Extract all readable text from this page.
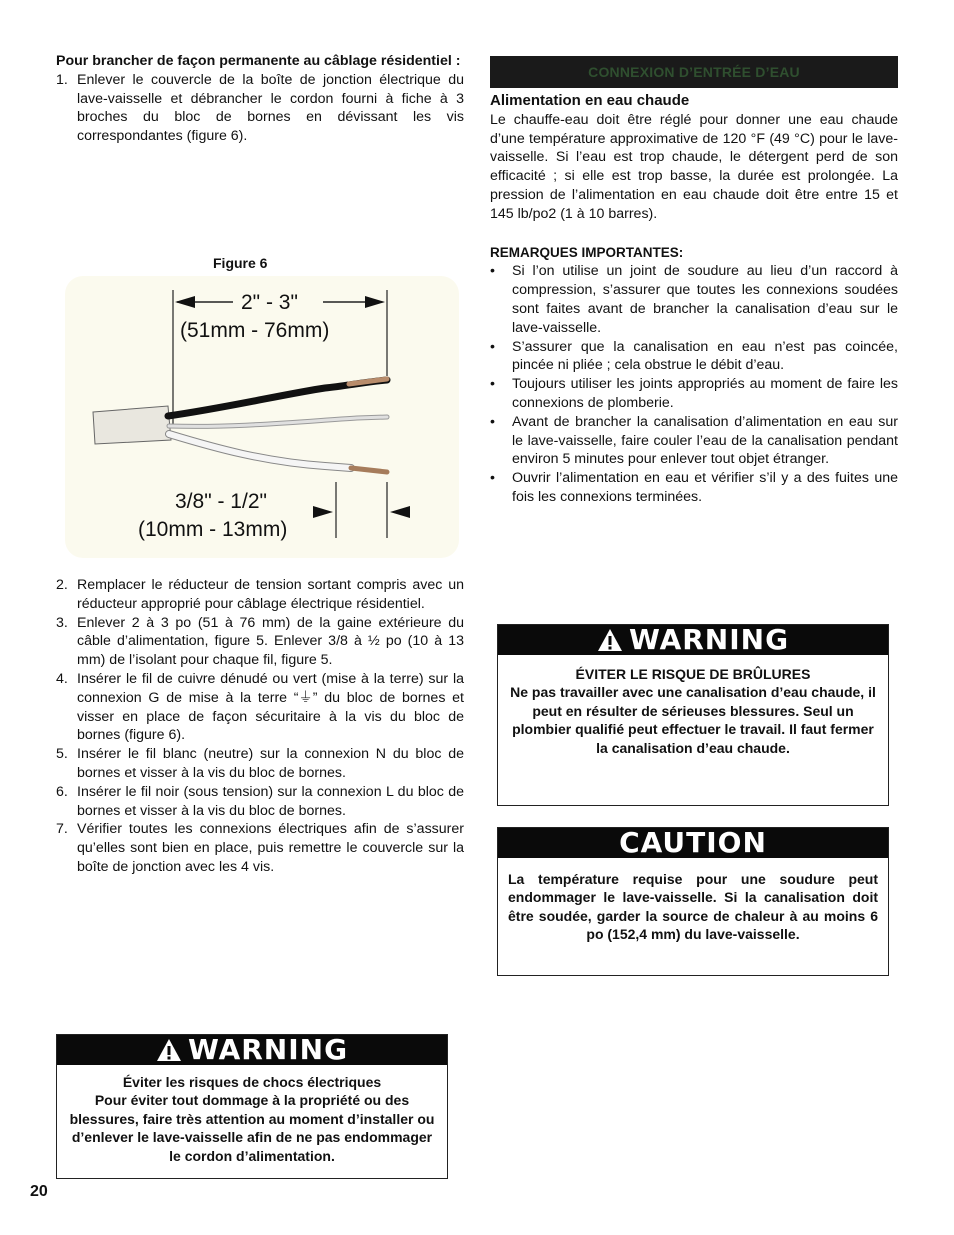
Pour brancher de façon permanente au câblage résidentiel :

1. Enlever le couvercle de la boîte de jonction électrique du lave-vaisselle et débrancher le cordon fourni à fiche à 3 broches du bloc de bornes en dévissant les vis correspondantes (figure 6).
Figure 6
2" - 3"
(51mm - 76mm)
3/8" - 1/2"
(10mm - 13mm)
2. Remplacer le réducteur de tension sortant compris avec un réducteur approprié pour câblage électrique résidentiel.
3. Enlever 2 à 3 po (51 à 76 mm) de la gaine extérieure du câble d’alimentation, figure 5. Enlever 3/8 à ½ po (10 à 13 mm) de l’isolant pour chaque fil, figure 5.
4. Insérer le fil de cuivre dénudé ou vert (mise à la terre) sur la connexion G de mise à la terre “⏚” du bloc de bornes et visser en place de façon sécuritaire à la vis du bloc de bornes (figure 6).
5. Insérer le fil blanc (neutre) sur la connexion N du bloc de bornes et visser à la vis du bloc de bornes.
6. Insérer le fil noir (sous tension) sur la connexion L du bloc de bornes et visser à la vis du bloc de bornes.
7. Vérifier toutes les connexions électriques afin de s’assurer qu’elles sont bien en place, puis remettre le couvercle sur la boîte de jonction avec les 4 vis.
CONNEXION D’ENTRÉE D’EAU

Alimentation en eau chaude

Le chauffe-eau doit être réglé pour donner une eau chaude d’une température approximative de 120 °F (49 °C) pour le lave-vaisselle. Si l’eau est trop chaude, le détergent perd de son efficacité ; si elle est trop basse, la durée est prolongée. La pression de l’alimentation en eau chaude doit être entre 15 et 145 lb/po2 (1 à 10 barres).

REMARQUES IMPORTANTES:

• Si l’on utilise un joint de soudure au lieu d’un raccord à compression, s’assurer que toutes les connexions soudées sont faites avant de brancher la canalisation d’eau sur le lave-vaisselle.
• S’assurer que la canalisation en eau n’est pas coincée, pincée ni pliée ; cela obstrue le débit d’eau.
• Toujours utiliser les joints appropriés au moment de faire les connexions de plomberie.
• Avant de brancher la canalisation d’alimentation en eau sur le lave-vaisselle, faire couler l’eau de la canalisation pendant environ 5 minutes pour enlever tout objet étranger.
• Ouvrir l’alimentation en eau et vérifier s’il y a des fuites une fois les connexions terminées.
WARNING

ÉVITER LE RISQUE DE BRÛLURES

Ne pas travailler avec une canalisation d’eau chaude, il peut en résulter de sérieuses blessures. Seul un plombier qualifié peut effectuer le travail. Il faut fermer la canalisation d’eau chaude.

CAUTION

La température requise pour une soudure peut endommager le lave-vaisselle. Si la canalisation doit être soudée, garder la source de chaleur à au moins 6 po (152,4 mm) du lave-vaisselle.

WARNING

Éviter les risques de chocs électriques

Pour éviter tout dommage à la propriété ou des blessures, faire très attention au moment d’installer ou d’enlever le lave-vaisselle afin de ne pas endommager le cordon d’alimentation.

20
